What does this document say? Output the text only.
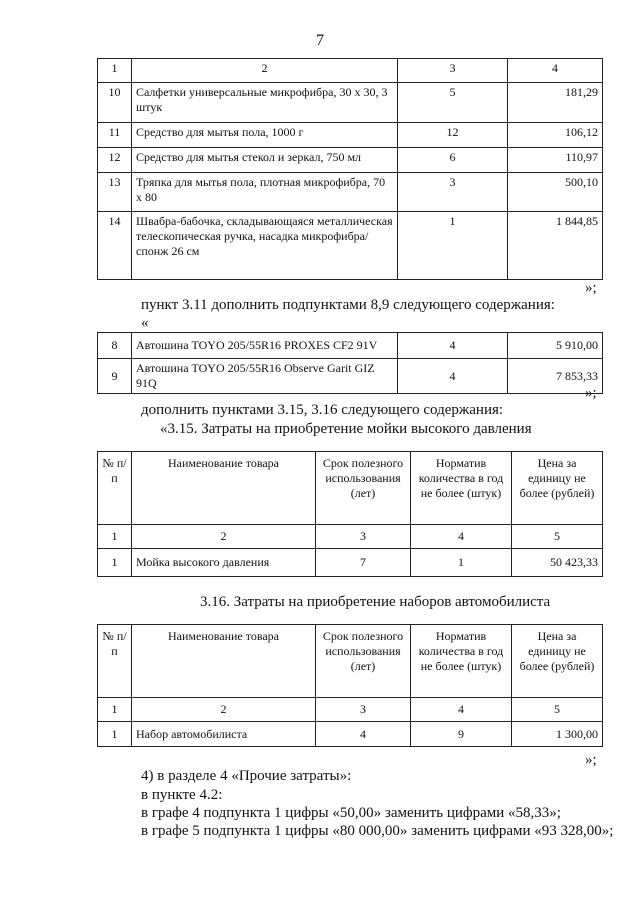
7
1	2	3	4
10	Салфетки универсальные микрофибра, 30 х 30, 3 штук	5	181,29
11	Средство для мытья пола, 1000 г	12	106,12
12	Средство для мытья стекол и зеркал, 750 мл	6	110,97
13	Тряпка для мытья пола, плотная микрофибра, 70 х 80	3	500,10
14	Швабра-бабочка, складывающаяся металлическая телескопическая ручка, насадка микрофибра/спонж 26 см	1	1 844,85
»;
пункт 3.11 дополнить подпунктами 8,9 следующего содержания:
«
8	Автошина TOYO 205/55R16 PROXES CF2 91V	4	5 910,00
9	Автошина TOYO 205/55R16 Observe Garit GIZ 91Q	4	7 853,33
»;
дополнить пунктами 3.15, 3.16 следующего содержания:
«3.15. Затраты на приобретение мойки высокого давления
№ п/п	Наименование товара	Срок полезного использования (лет)	Норматив количества в год не более (штук)	Цена за единицу не более (рублей)
1	2	3	4	5
1	Мойка высокого давления	7	1	50 423,33
3.16. Затраты на приобретение наборов автомобилиста
№ п/п	Наименование товара	Срок полезного использования (лет)	Норматив количества в год не более (штук)	Цена за единицу не более (рублей)
1	2	3	4	5
1	Набор автомобилиста	4	9	1 300,00
»;
4) в разделе 4 «Прочие затраты»:
в пункте 4.2:
в графе 4 подпункта 1 цифры «50,00» заменить цифрами «58,33»;
в графе 5 подпункта 1 цифры «80 000,00» заменить цифрами «93 328,00»;
